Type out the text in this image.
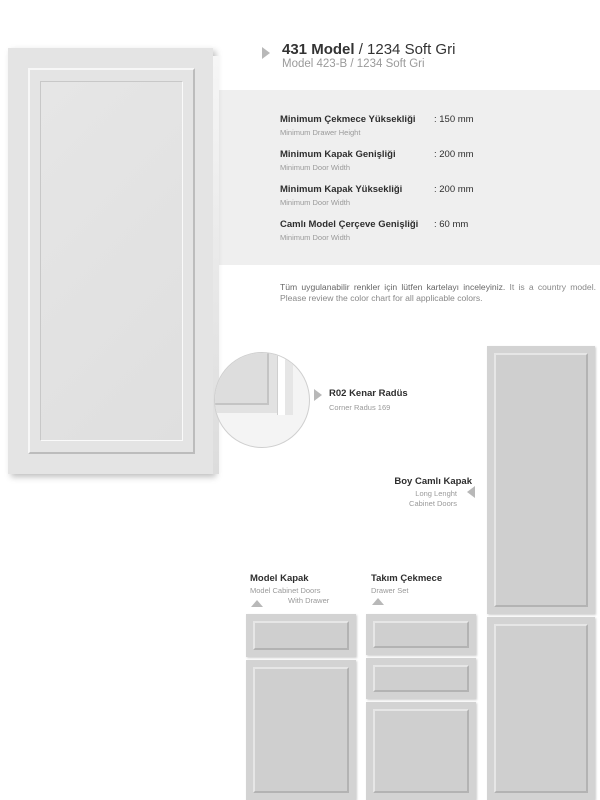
431 Model / 1234 Soft Gri
Model 423-B / 1234 Soft Gri
Minimum Çekmece Yüksekliği : 150 mm
Minimum Drawer Height
Minimum Kapak Genişliği	: 200 mm
Minimum Door Width
Minimum Kapak Yüksekliği	: 200 mm
Minimum Door Width
Camlı Model Çerçeve Genişliği : 60 mm
Minimum Door Width
Tüm uygulanabilir renkler için lütfen kartelayı inceleyiniz. It is a country model. Please review the color chart for all applicable colors.
R02 Kenar Radüs
Corner Radus 169
Boy Camlı Kapak
Long Lenght
Cabinet Doors
Model Kapak
Model Cabinet Doors
With Drawer
Takım Çekmece
Drawer Set
